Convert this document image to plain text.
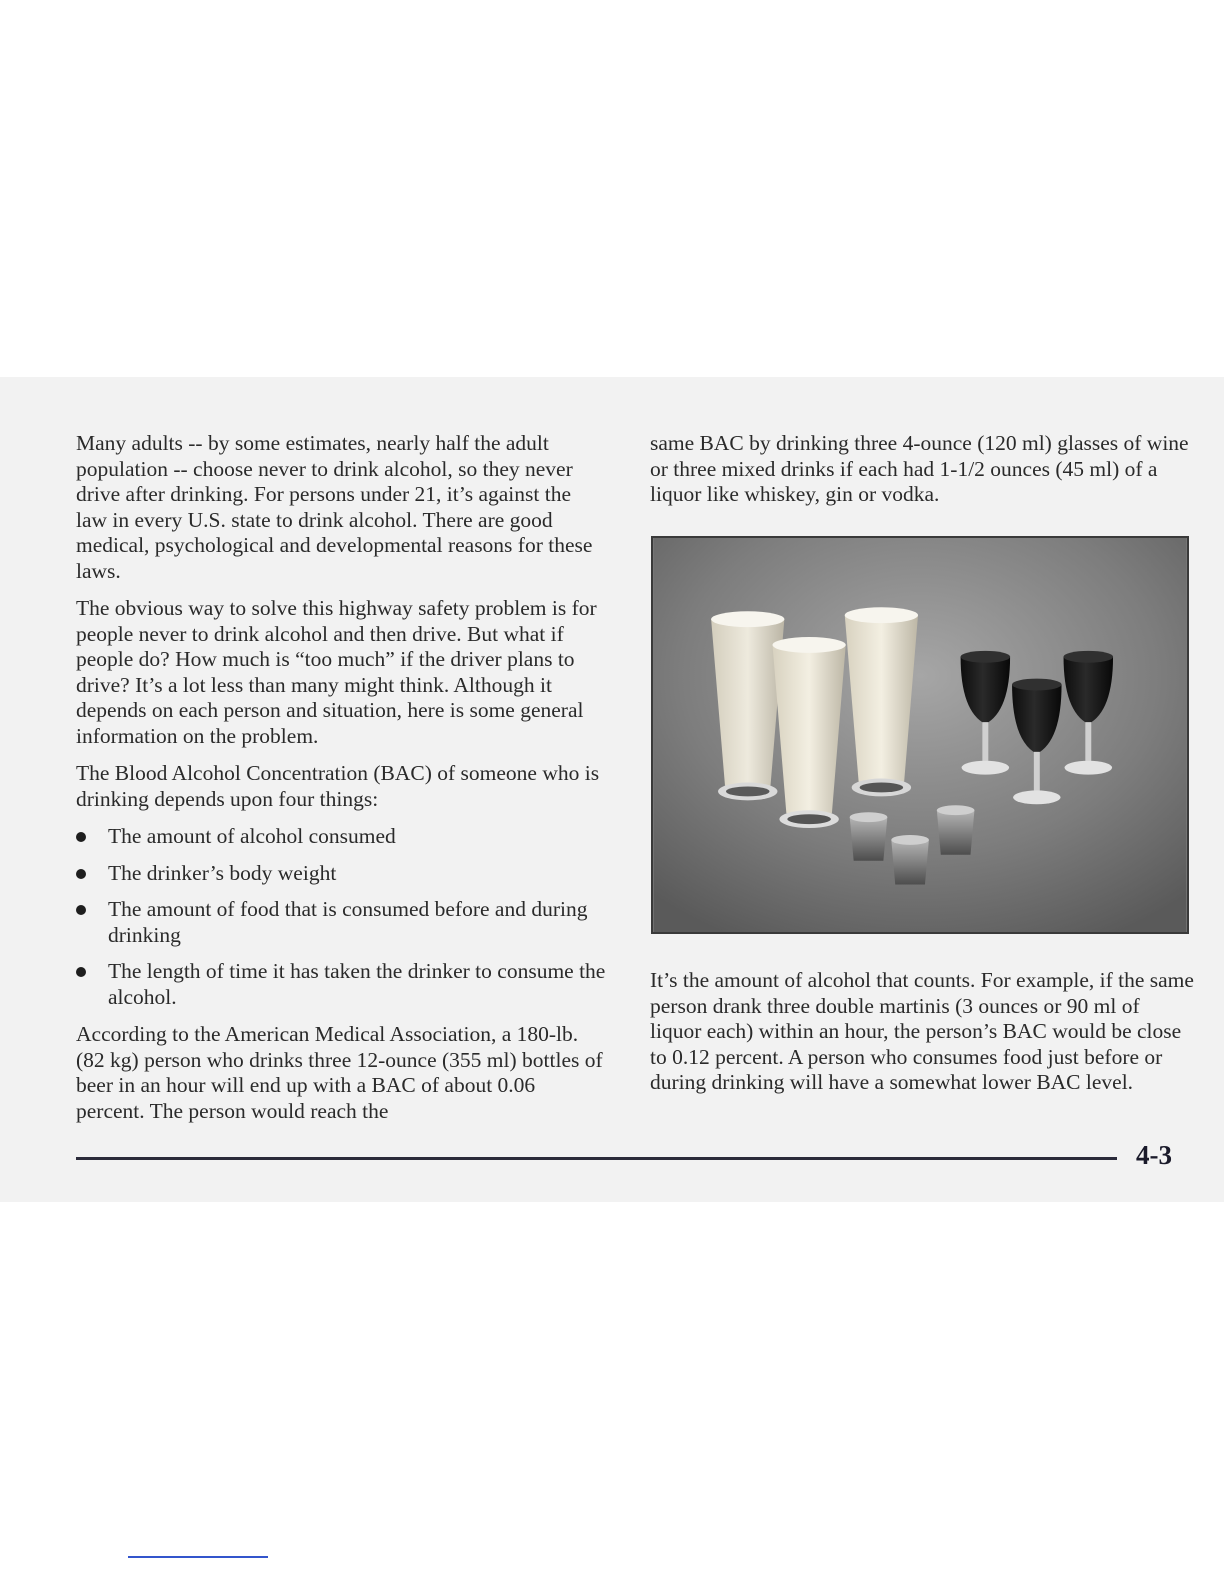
Many adults -- by some estimates, nearly half the adult population -- choose never to drink alcohol, so they never drive after drinking. For persons under 21, it’s against the law in every U.S. state to drink alcohol. There are good medical, psychological and developmental reasons for these laws.

The obvious way to solve this highway safety problem is for people never to drink alcohol and then drive. But what if people do? How much is “too much” if the driver plans to drive? It’s a lot less than many might think. Although it depends on each person and situation, here is some general information on the problem.

The Blood Alcohol Concentration (BAC) of someone who is drinking depends upon four things:

The amount of alcohol consumed
The drinker’s body weight
The amount of food that is consumed before and during drinking
The length of time it has taken the drinker to consume the alcohol.

According to the American Medical Association, a 180-lb. (82 kg) person who drinks three 12-ounce (355 ml) bottles of beer in an hour will end up with a BAC of about 0.06 percent. The person would reach the

same BAC by drinking three 4-ounce (120 ml) glasses of wine or three mixed drinks if each had 1-1/2 ounces (45 ml) of a liquor like whiskey, gin or vodka.

It’s the amount of alcohol that counts. For example, if the same person drank three double martinis (3 ounces or 90 ml of liquor each) within an hour, the person’s BAC would be close to 0.12 percent. A person who consumes food just before or during drinking will have a somewhat lower BAC level.

4-3
